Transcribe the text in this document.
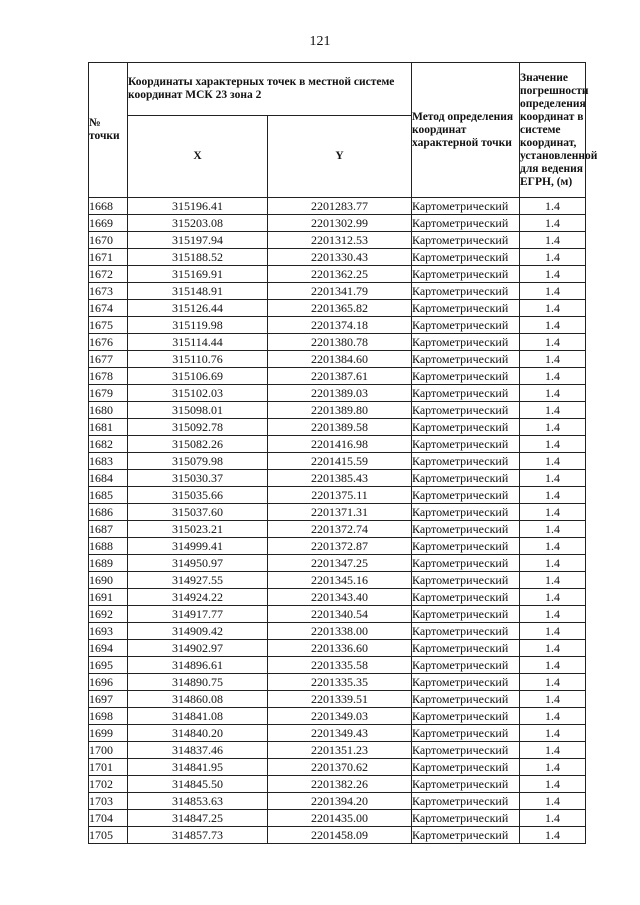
121
№ точки	Координаты характерных точек в местной системе координат МСК 23 зона 2		Метод определения координат характерной точки	Значение погрешности определения координат в системе координат, установленной для ведения ЕГРН, (м)
	X	Y		
1668	315196.41	2201283.77	Картометрический	1.4
1669	315203.08	2201302.99	Картометрический	1.4
1670	315197.94	2201312.53	Картометрический	1.4
1671	315188.52	2201330.43	Картометрический	1.4
1672	315169.91	2201362.25	Картометрический	1.4
1673	315148.91	2201341.79	Картометрический	1.4
1674	315126.44	2201365.82	Картометрический	1.4
1675	315119.98	2201374.18	Картометрический	1.4
1676	315114.44	2201380.78	Картометрический	1.4
1677	315110.76	2201384.60	Картометрический	1.4
1678	315106.69	2201387.61	Картометрический	1.4
1679	315102.03	2201389.03	Картометрический	1.4
1680	315098.01	2201389.80	Картометрический	1.4
1681	315092.78	2201389.58	Картометрический	1.4
1682	315082.26	2201416.98	Картометрический	1.4
1683	315079.98	2201415.59	Картометрический	1.4
1684	315030.37	2201385.43	Картометрический	1.4
1685	315035.66	2201375.11	Картометрический	1.4
1686	315037.60	2201371.31	Картометрический	1.4
1687	315023.21	2201372.74	Картометрический	1.4
1688	314999.41	2201372.87	Картометрический	1.4
1689	314950.97	2201347.25	Картометрический	1.4
1690	314927.55	2201345.16	Картометрический	1.4
1691	314924.22	2201343.40	Картометрический	1.4
1692	314917.77	2201340.54	Картометрический	1.4
1693	314909.42	2201338.00	Картометрический	1.4
1694	314902.97	2201336.60	Картометрический	1.4
1695	314896.61	2201335.58	Картометрический	1.4
1696	314890.75	2201335.35	Картометрический	1.4
1697	314860.08	2201339.51	Картометрический	1.4
1698	314841.08	2201349.03	Картометрический	1.4
1699	314840.20	2201349.43	Картометрический	1.4
1700	314837.46	2201351.23	Картометрический	1.4
1701	314841.95	2201370.62	Картометрический	1.4
1702	314845.50	2201382.26	Картометрический	1.4
1703	314853.63	2201394.20	Картометрический	1.4
1704	314847.25	2201435.00	Картометрический	1.4
1705	314857.73	2201458.09	Картометрический	1.4
